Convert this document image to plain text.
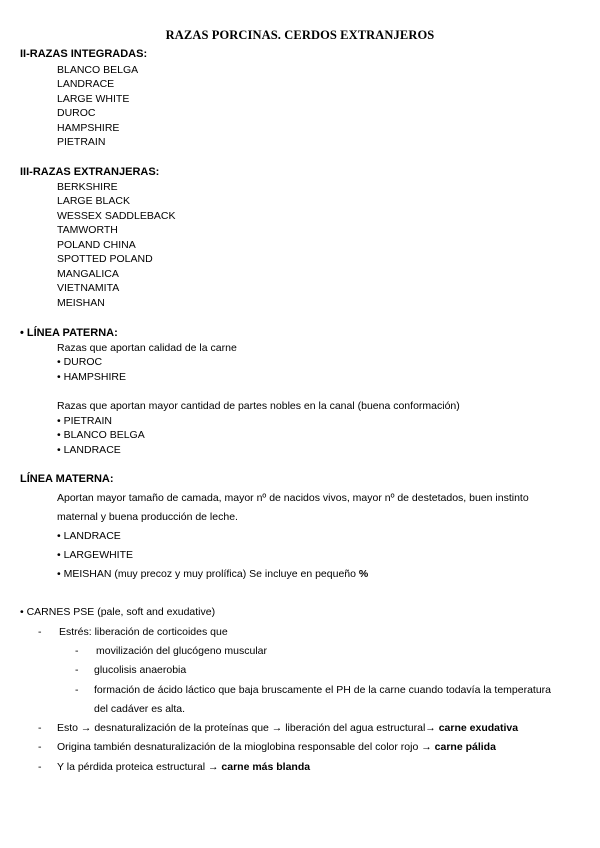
RAZAS PORCINAS. CERDOS EXTRANJEROS
II-RAZAS INTEGRADAS:
BLANCO BELGA
LANDRACE
LARGE WHITE
DUROC
HAMPSHIRE
PIETRAIN
III-RAZAS EXTRANJERAS:
BERKSHIRE
LARGE BLACK
WESSEX SADDLEBACK
TAMWORTH
POLAND CHINA
SPOTTED POLAND
MANGALICA
VIETNAMITA
MEISHAN
• LÍNEA PATERNA:
Razas que aportan calidad de la carne
• DUROC
• HAMPSHIRE
Razas que aportan mayor cantidad de partes nobles en la canal (buena conformación)
• PIETRAIN
• BLANCO BELGA
• LANDRACE
LÍNEA MATERNA:
Aportan mayor tamaño de camada, mayor nº de nacidos vivos, mayor nº de destetados, buen instinto
maternal y buena producción de leche.
• LANDRACE
• LARGEWHITE
• MEISHAN (muy precoz y muy prolífica) Se incluye en pequeño %
• CARNES PSE (pale, soft and exudative)
- Estrés: liberación de corticoides que
- movilización del glucógeno muscular
- glucolisis anaerobia
- formación de ácido láctico que baja bruscamente el PH de la carne cuando todavía la temperatura
del cadáver es alta.
- Esto → desnaturalización de la proteínas que → liberación del agua estructural→ carne exudativa
- Origina también desnaturalización de la mioglobina responsable del color rojo → carne pálida
- Y la pérdida proteica estructural → carne más blanda
